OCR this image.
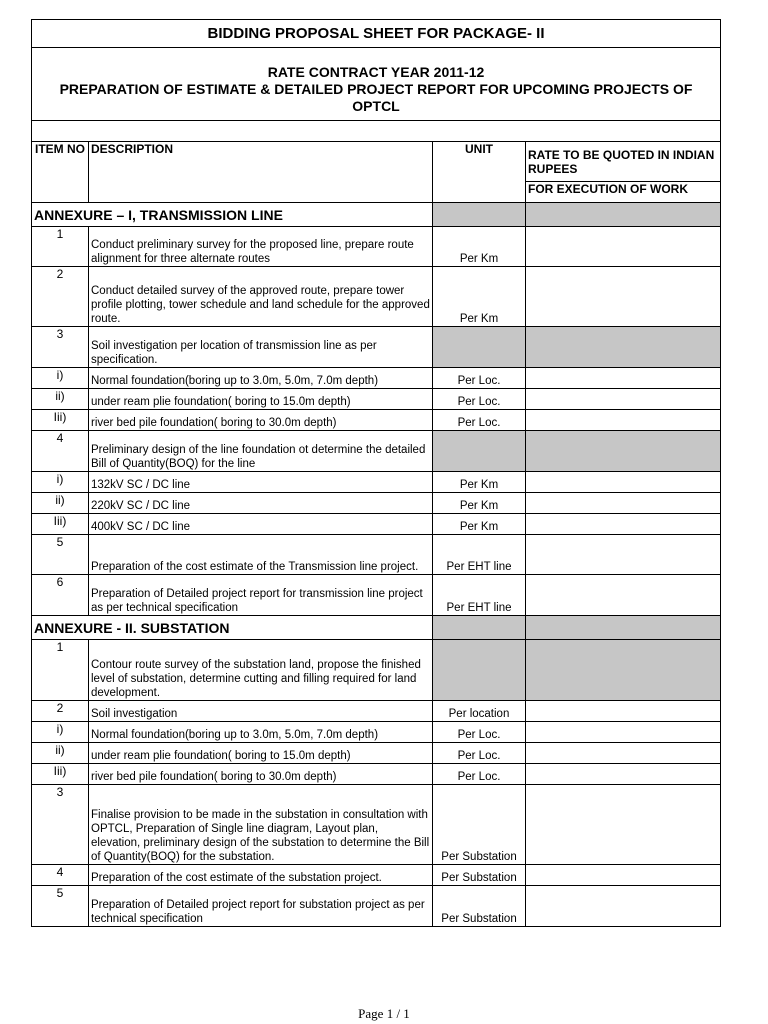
BIDDING PROPOSAL SHEET FOR PACKAGE- II			

RATE CONTRACT YEAR 2011-12
PREPARATION OF ESTIMATE & DETAILED PROJECT REPORT FOR UPCOMING PROJECTS OF OPTCL			

ITEM NO	DESCRIPTION	UNIT	RATE TO BE QUOTED IN INDIAN RUPEES
			FOR EXECUTION OF WORK
ANNEXURE – I, TRANSMISSION LINE			
1	Conduct preliminary survey for the proposed line, prepare route alignment for three alternate routes	Per Km	
2	Conduct detailed survey of the approved route, prepare tower profile plotting, tower schedule and land schedule for the approved route.	Per Km	
3	Soil investigation per location of transmission line as per specification.		
i)	Normal foundation(boring up to 3.0m, 5.0m, 7.0m depth)	Per Loc.	
ii)	under ream plie foundation( boring to 15.0m depth)	Per Loc.	
Iii)	river bed pile foundation( boring to 30.0m depth)	Per Loc.	
4	Preliminary design of the line foundation ot determine the detailed Bill of Quantity(BOQ) for the line		
i)	132kV SC / DC line	Per Km	
ii)	220kV SC / DC line	Per Km	
Iii)	400kV SC / DC line	Per Km	
5	Preparation of the cost estimate of the Transmission line project.	Per EHT line	
6	Preparation of Detailed project report for transmission line project as per technical specification	Per EHT line	
ANNEXURE - II. SUBSTATION			
1	Contour route survey of the substation land, propose the finished level of substation, determine cutting and filling required for land development.		
2	Soil investigation	Per location	
i)	Normal foundation(boring up to 3.0m, 5.0m, 7.0m depth)	Per Loc.	
ii)	under ream plie foundation( boring to 15.0m depth)	Per Loc.	
Iii)	river bed pile foundation( boring to 30.0m depth)	Per Loc.	
3	Finalise provision to be made in the substation in consultation with OPTCL, Preparation of Single line diagram, Layout plan, elevation, preliminary design of the substation to determine the Bill of Quantity(BOQ) for the substation.	Per Substation	
4	Preparation of the cost estimate of the substation project.	Per Substation	
5	Preparation of Detailed project report for substation project as per technical specification	Per Substation	
Page 1 / 1
